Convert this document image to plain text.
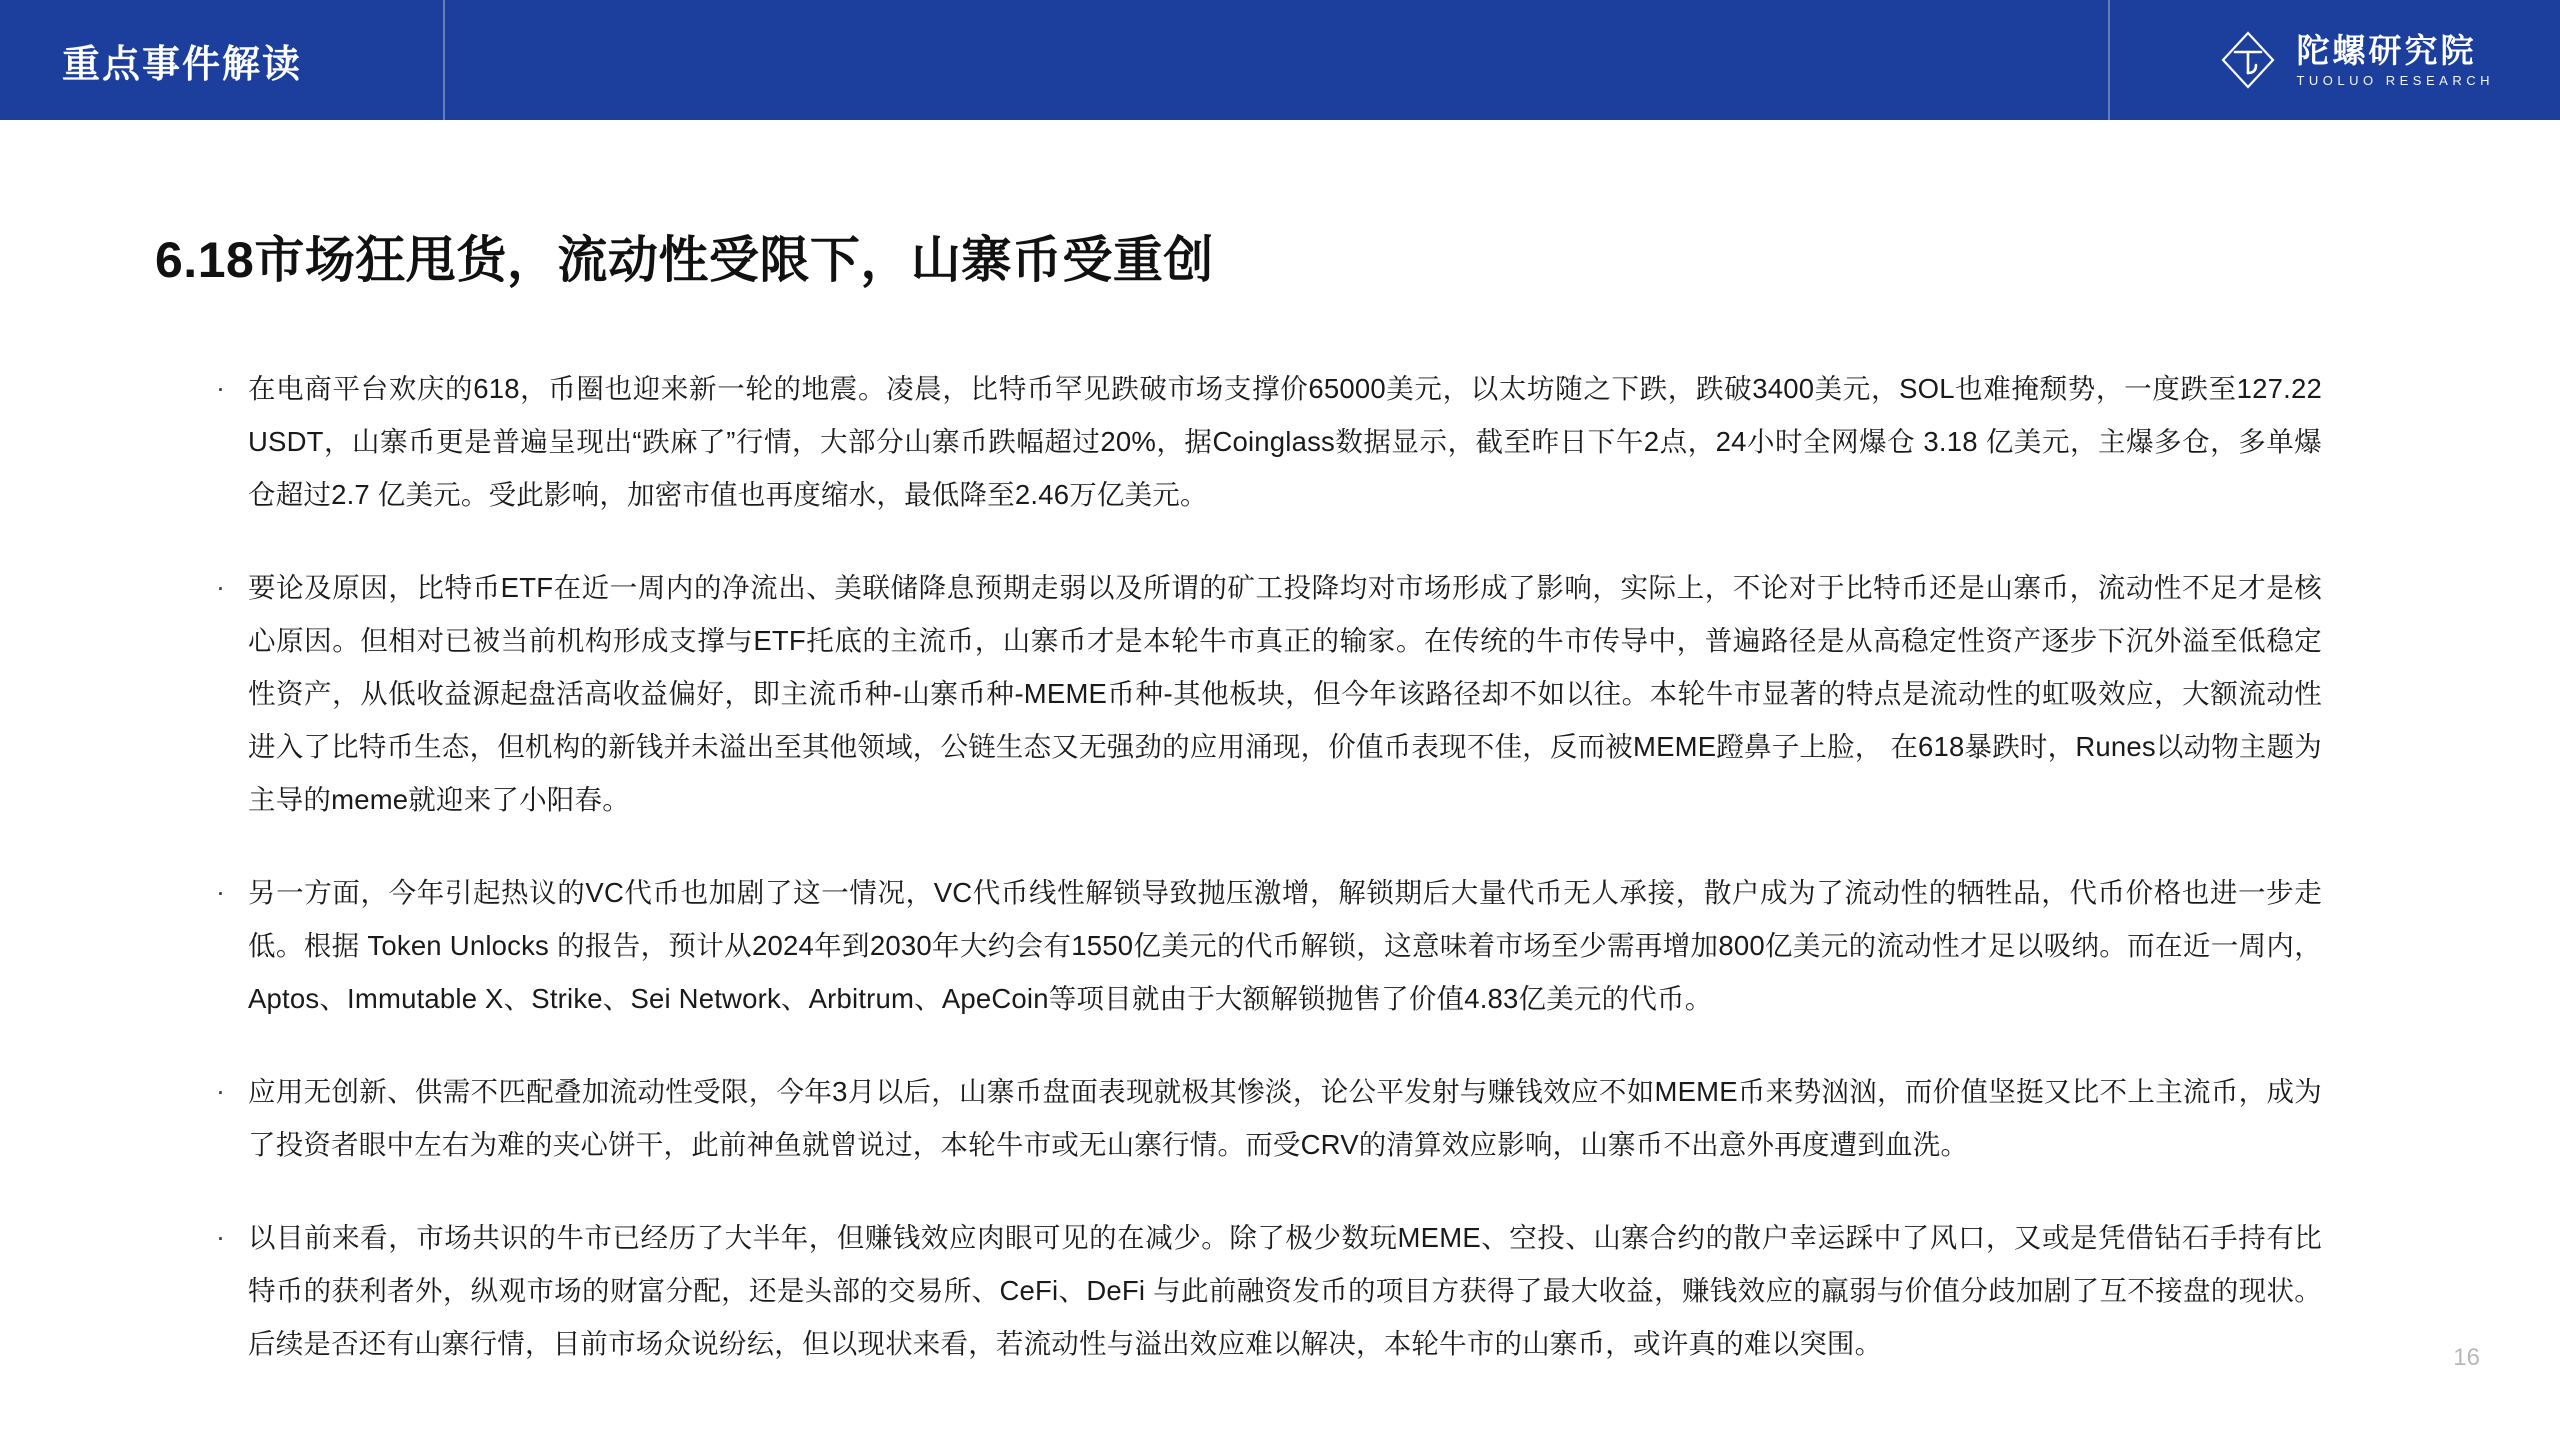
重点事件解读	陀螺研究院
TUOLUO RESEARCH
6.18市场狂甩货，流动性受限下，山寨币受重创
· 在电商平台欢庆的618，币圈也迎来新一轮的地震。凌晨，比特币罕见跌破市场支撑价65000美元，以太坊随之下跌，跌破3400美元，SOL也难掩颓势，一度跌至127.22 USDT，山寨币更是普遍呈现出“跌麻了”行情，大部分山寨币跌幅超过20%，据Coinglass数据显示，截至昨日下午2点，24小时全网爆仓 3.18 亿美元，主爆多仓，多单爆仓超过2.7 亿美元。受此影响，加密市值也再度缩水，最低降至2.46万亿美元。
· 要论及原因，比特币ETF在近一周内的净流出、美联储降息预期走弱以及所谓的矿工投降均对市场形成了影响，实际上，不论对于比特币还是山寨币，流动性不足才是核心原因。但相对已被当前机构形成支撑与ETF托底的主流币，山寨币才是本轮牛市真正的输家。在传统的牛市传导中，普遍路径是从高稳定性资产逐步下沉外溢至低稳定性资产，从低收益源起盘活高收益偏好，即主流币种-山寨币种-MEME币种-其他板块，但今年该路径却不如以往。本轮牛市显著的特点是流动性的虹吸效应，大额流动性进入了比特币生态，但机构的新钱并未溢出至其他领域，公链生态又无强劲的应用涌现，价值币表现不佳，反而被MEME蹬鼻子上脸， 在618暴跌时，Runes以动物主题为主导的meme就迎来了小阳春。
· 另一方面，今年引起热议的VC代币也加剧了这一情况，VC代币线性解锁导致抛压激增，解锁期后大量代币无人承接，散户成为了流动性的牺牲品，代币价格也进一步走低。根据 Token Unlocks 的报告，预计从2024年到2030年大约会有1550亿美元的代币解锁，这意味着市场至少需再增加800亿美元的流动性才足以吸纳。而在近一周内，Aptos、Immutable X、Strike、Sei Network、Arbitrum、ApeCoin等项目就由于大额解锁抛售了价值4.83亿美元的代币。
· 应用无创新、供需不匹配叠加流动性受限，今年3月以后，山寨币盘面表现就极其惨淡，论公平发射与赚钱效应不如MEME币来势汹汹，而价值坚挺又比不上主流币，成为了投资者眼中左右为难的夹心饼干，此前神鱼就曾说过，本轮牛市或无山寨行情。而受CRV的清算效应影响，山寨币不出意外再度遭到血洗。
· 以目前来看，市场共识的牛市已经历了大半年，但赚钱效应肉眼可见的在减少。除了极少数玩MEME、空投、山寨合约的散户幸运踩中了风口，又或是凭借钻石手持有比特币的获利者外，纵观市场的财富分配，还是头部的交易所、CeFi、DeFi 与此前融资发币的项目方获得了最大收益，赚钱效应的羸弱与价值分歧加剧了互不接盘的现状。后续是否还有山寨行情，目前市场众说纷纭，但以现状来看，若流动性与溢出效应难以解决，本轮牛市的山寨币，或许真的难以突围。	16
